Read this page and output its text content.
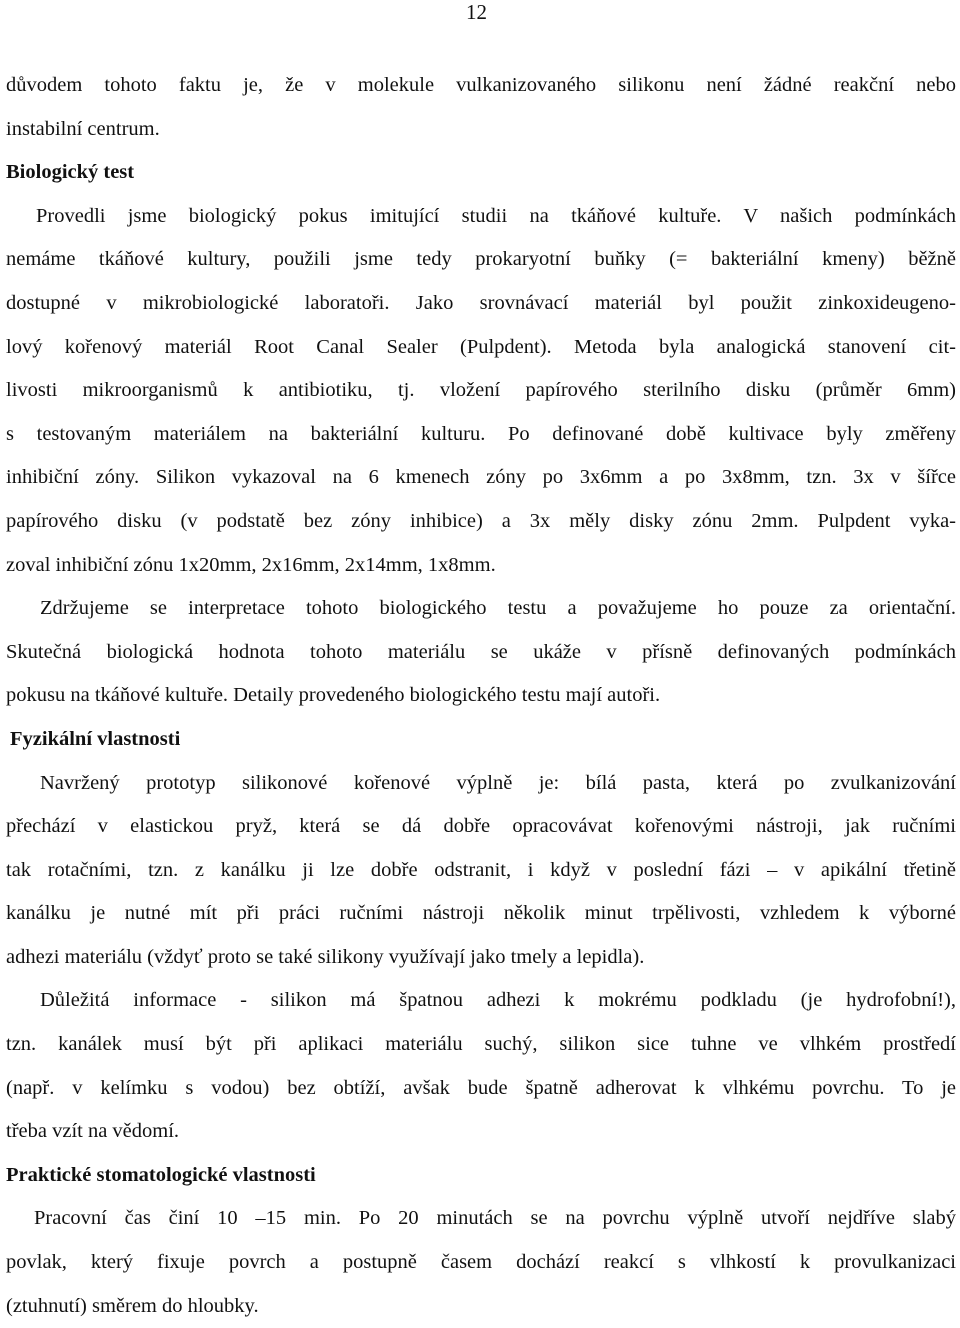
12
důvodem tohoto faktu je, že v molekule vulkanizovaného silikonu není žádné reakční nebo
instabilní centrum.
Biologický test
Provedli jsme biologický pokus imitující studii na tkáňové kultuře. V našich podmínkách
nemáme tkáňové kultury, použili jsme tedy prokaryotní buňky (= bakteriální kmeny) běžně
dostupné v mikrobiologické laboratoři. Jako srovnávací materiál byl použit zinkoxideugeno-
lový kořenový materiál Root Canal Sealer (Pulpdent). Metoda byla analogická stanovení cit-
livosti mikroorganismů k antibiotiku, tj. vložení papírového sterilního disku (průměr 6mm)
s testovaným materiálem na bakteriální kulturu. Po definované době kultivace byly změřeny
inhibiční zóny. Silikon vykazoval na 6 kmenech zóny po 3x6mm a po 3x8mm, tzn. 3x v šířce
papírového disku (v podstatě bez zóny inhibice) a 3x měly disky zónu 2mm. Pulpdent vyka-
zoval inhibiční zónu 1x20mm, 2x16mm, 2x14mm, 1x8mm.
Zdržujeme se interpretace tohoto biologického testu a považujeme ho pouze za orientační.
Skutečná biologická hodnota tohoto materiálu se ukáže v přísně definovaných podmínkách
pokusu na tkáňové kultuře. Detaily provedeného biologického testu mají autoři.
Fyzikální vlastnosti
Navržený prototyp silikonové kořenové výplně je: bílá pasta, která po zvulkanizování
přechází v elastickou pryž, která se dá dobře opracovávat kořenovými nástroji, jak ručními
tak rotačními, tzn. z kanálku ji lze dobře odstranit, i když v poslední fázi – v apikální třetině
kanálku je nutné mít při práci ručními nástroji několik minut trpělivosti, vzhledem k výborné
adhezi materiálu (vždyť proto se také silikony využívají jako tmely a lepidla).
Důležitá informace - silikon má špatnou adhezi k mokrému podkladu (je hydrofobní!),
tzn. kanálek musí být při aplikaci materiálu suchý, silikon sice tuhne ve vlhkém prostředí
(např. v kelímku s vodou) bez obtíží, avšak bude špatně adherovat k vlhkému povrchu. To je
třeba vzít na vědomí.
Praktické stomatologické vlastnosti
Pracovní čas činí 10 –15 min. Po 20 minutách se na povrchu výplně utvoří nejdříve slabý
povlak, který fixuje povrch a postupně časem dochází reakcí s vlhkostí k provulkanizaci
(ztuhnutí) směrem do hloubky.
